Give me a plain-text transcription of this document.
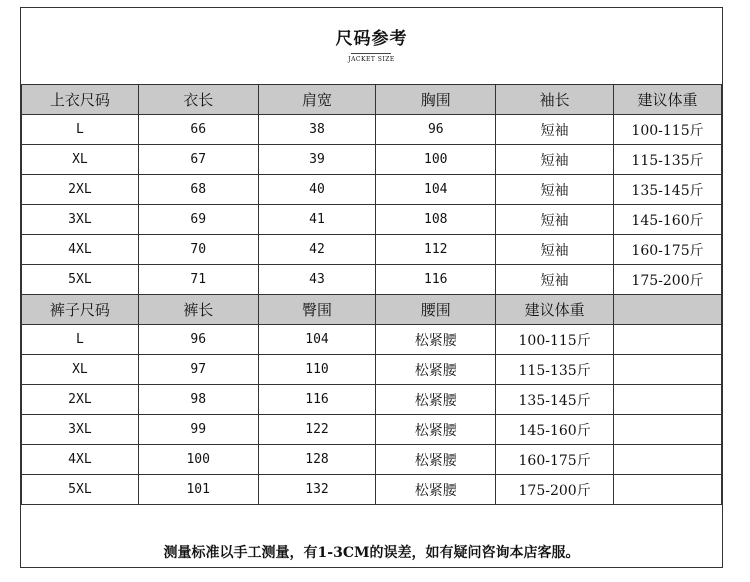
尺码参考
JACKET SIZE
上衣尺码	衣长	肩宽	胸围	袖长	建议体重
L	66	38	96	短袖	100-115斤
XL	67	39	100	短袖	115-135斤
2XL	68	40	104	短袖	135-145斤
3XL	69	41	108	短袖	145-160斤
4XL	70	42	112	短袖	160-175斤
5XL	71	43	116	短袖	175-200斤
裤子尺码	裤长	臀围	腰围	建议体重	
L	96	104	松紧腰	100-115斤	
XL	97	110	松紧腰	115-135斤	
2XL	98	116	松紧腰	135-145斤	
3XL	99	122	松紧腰	145-160斤	
4XL	100	128	松紧腰	160-175斤	
5XL	101	132	松紧腰	175-200斤	
测量标准以手工测量，有1-3CM的误差，如有疑问咨询本店客服。
